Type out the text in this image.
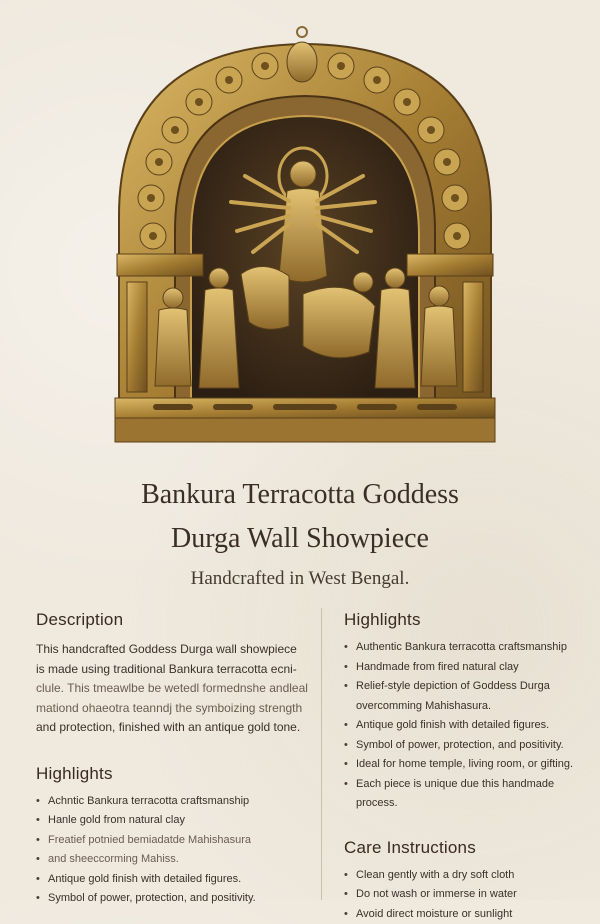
Bankura Terracotta Goddess
Durga Wall Showpiece
Handcrafted in West Bengal.
Description
This handcrafted Goddess Durga wall showpiece
is made using traditional Bankura terracotta ecni-
clule. This tmeawlbe be wetedl formednshe andleal
mationd ohaeotra teanndj the symboizing strength
and protection, finished with an antique gold tone.
Highlights
• Achntic Bankura terracotta craftsmanship
• Hanle gold from natural clay
• Freatief potnied bemiadatde Mahishasura
• and sheeccorming Mahiss.
• Antique gold finish with detailed figures.
• Symbol of power, protection, and positivity.
Highlights
• Authentic Bankura terracotta craftsmanship
• Handmade from fired natural clay
• Relief-style depiction of Goddess Durga
overcomming Mahishasura.
• Antique gold finish with detailed figures.
• Symbol of power, protection, and positivity.
• Ideal for home temple, living room, or gifting.
• Each piece is unique due this handmade process.
Care Instructions
• Clean gently with a dry soft cloth
• Do not wash or immerse in water
• Avoid direct moisture or sunlight
